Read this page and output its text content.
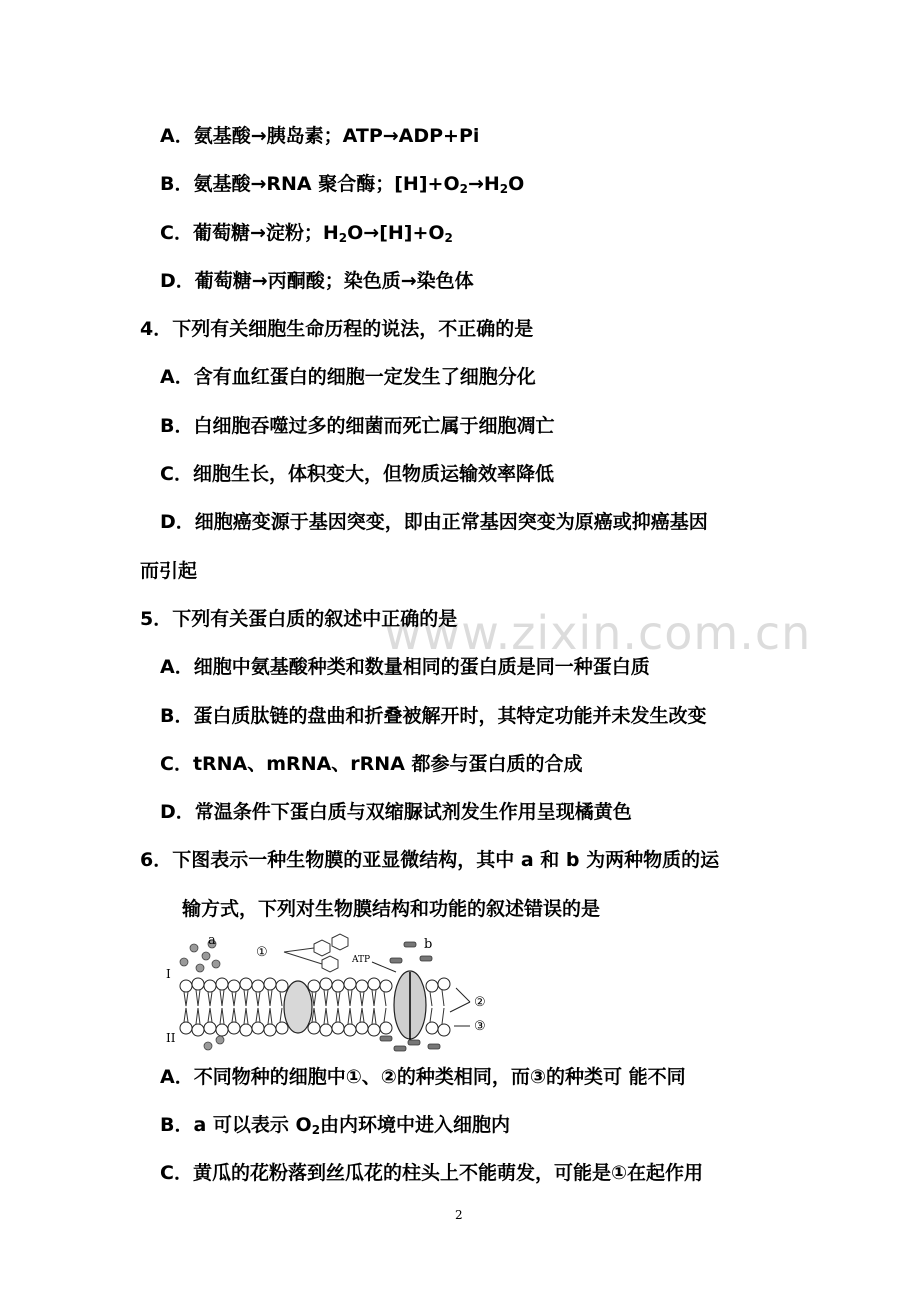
A．氨基酸→胰岛素；ATP→ADP+Pi
B．氨基酸→RNA 聚合酶；$[H]+O_2\to H_2O$
C．葡萄糖→淀粉；$H_2O\to[H]+O_2$
D．葡萄糖→丙酮酸；染色质→染色体
4．下列有关细胞生命历程的说法，不正确的是
A．含有血红蛋白的细胞一定发生了细胞分化
B．白细胞吞噬过多的细菌而死亡属于细胞凋亡
C．细胞生长，体积变大，但物质运输效率降低
D．细胞癌变源于基因突变，即由正常基因突变为原癌或抑癌基因
而引起
www.zixin.com.cn
5．下列有关蛋白质的叙述中正确的是
A．细胞中氨基酸种类和数量相同的蛋白质是同一种蛋白质
B．蛋白质肽链的盘曲和折叠被解开时，其特定功能并未发生改变
C．tRNA、mRNA、rRNA 都参与蛋白质的合成
D．常温条件下蛋白质与双缩脲试剂发生作用呈现橘黄色
6．下图表示一种生物膜的亚显微结构，其中 a 和 b 为两种物质的运
输方式，下列对生物膜结构和功能的叙述错误的是
a	b
①
②
③
ATP
I
II
A．不同物种的细胞中①、②的种类相同，而③的种类可 能不同
B．a 可以表示 $O_2$由内环境中进入细胞内
C．黄瓜的花粉落到丝瓜花的柱头上不能萌发，可能是①在起作用
2
